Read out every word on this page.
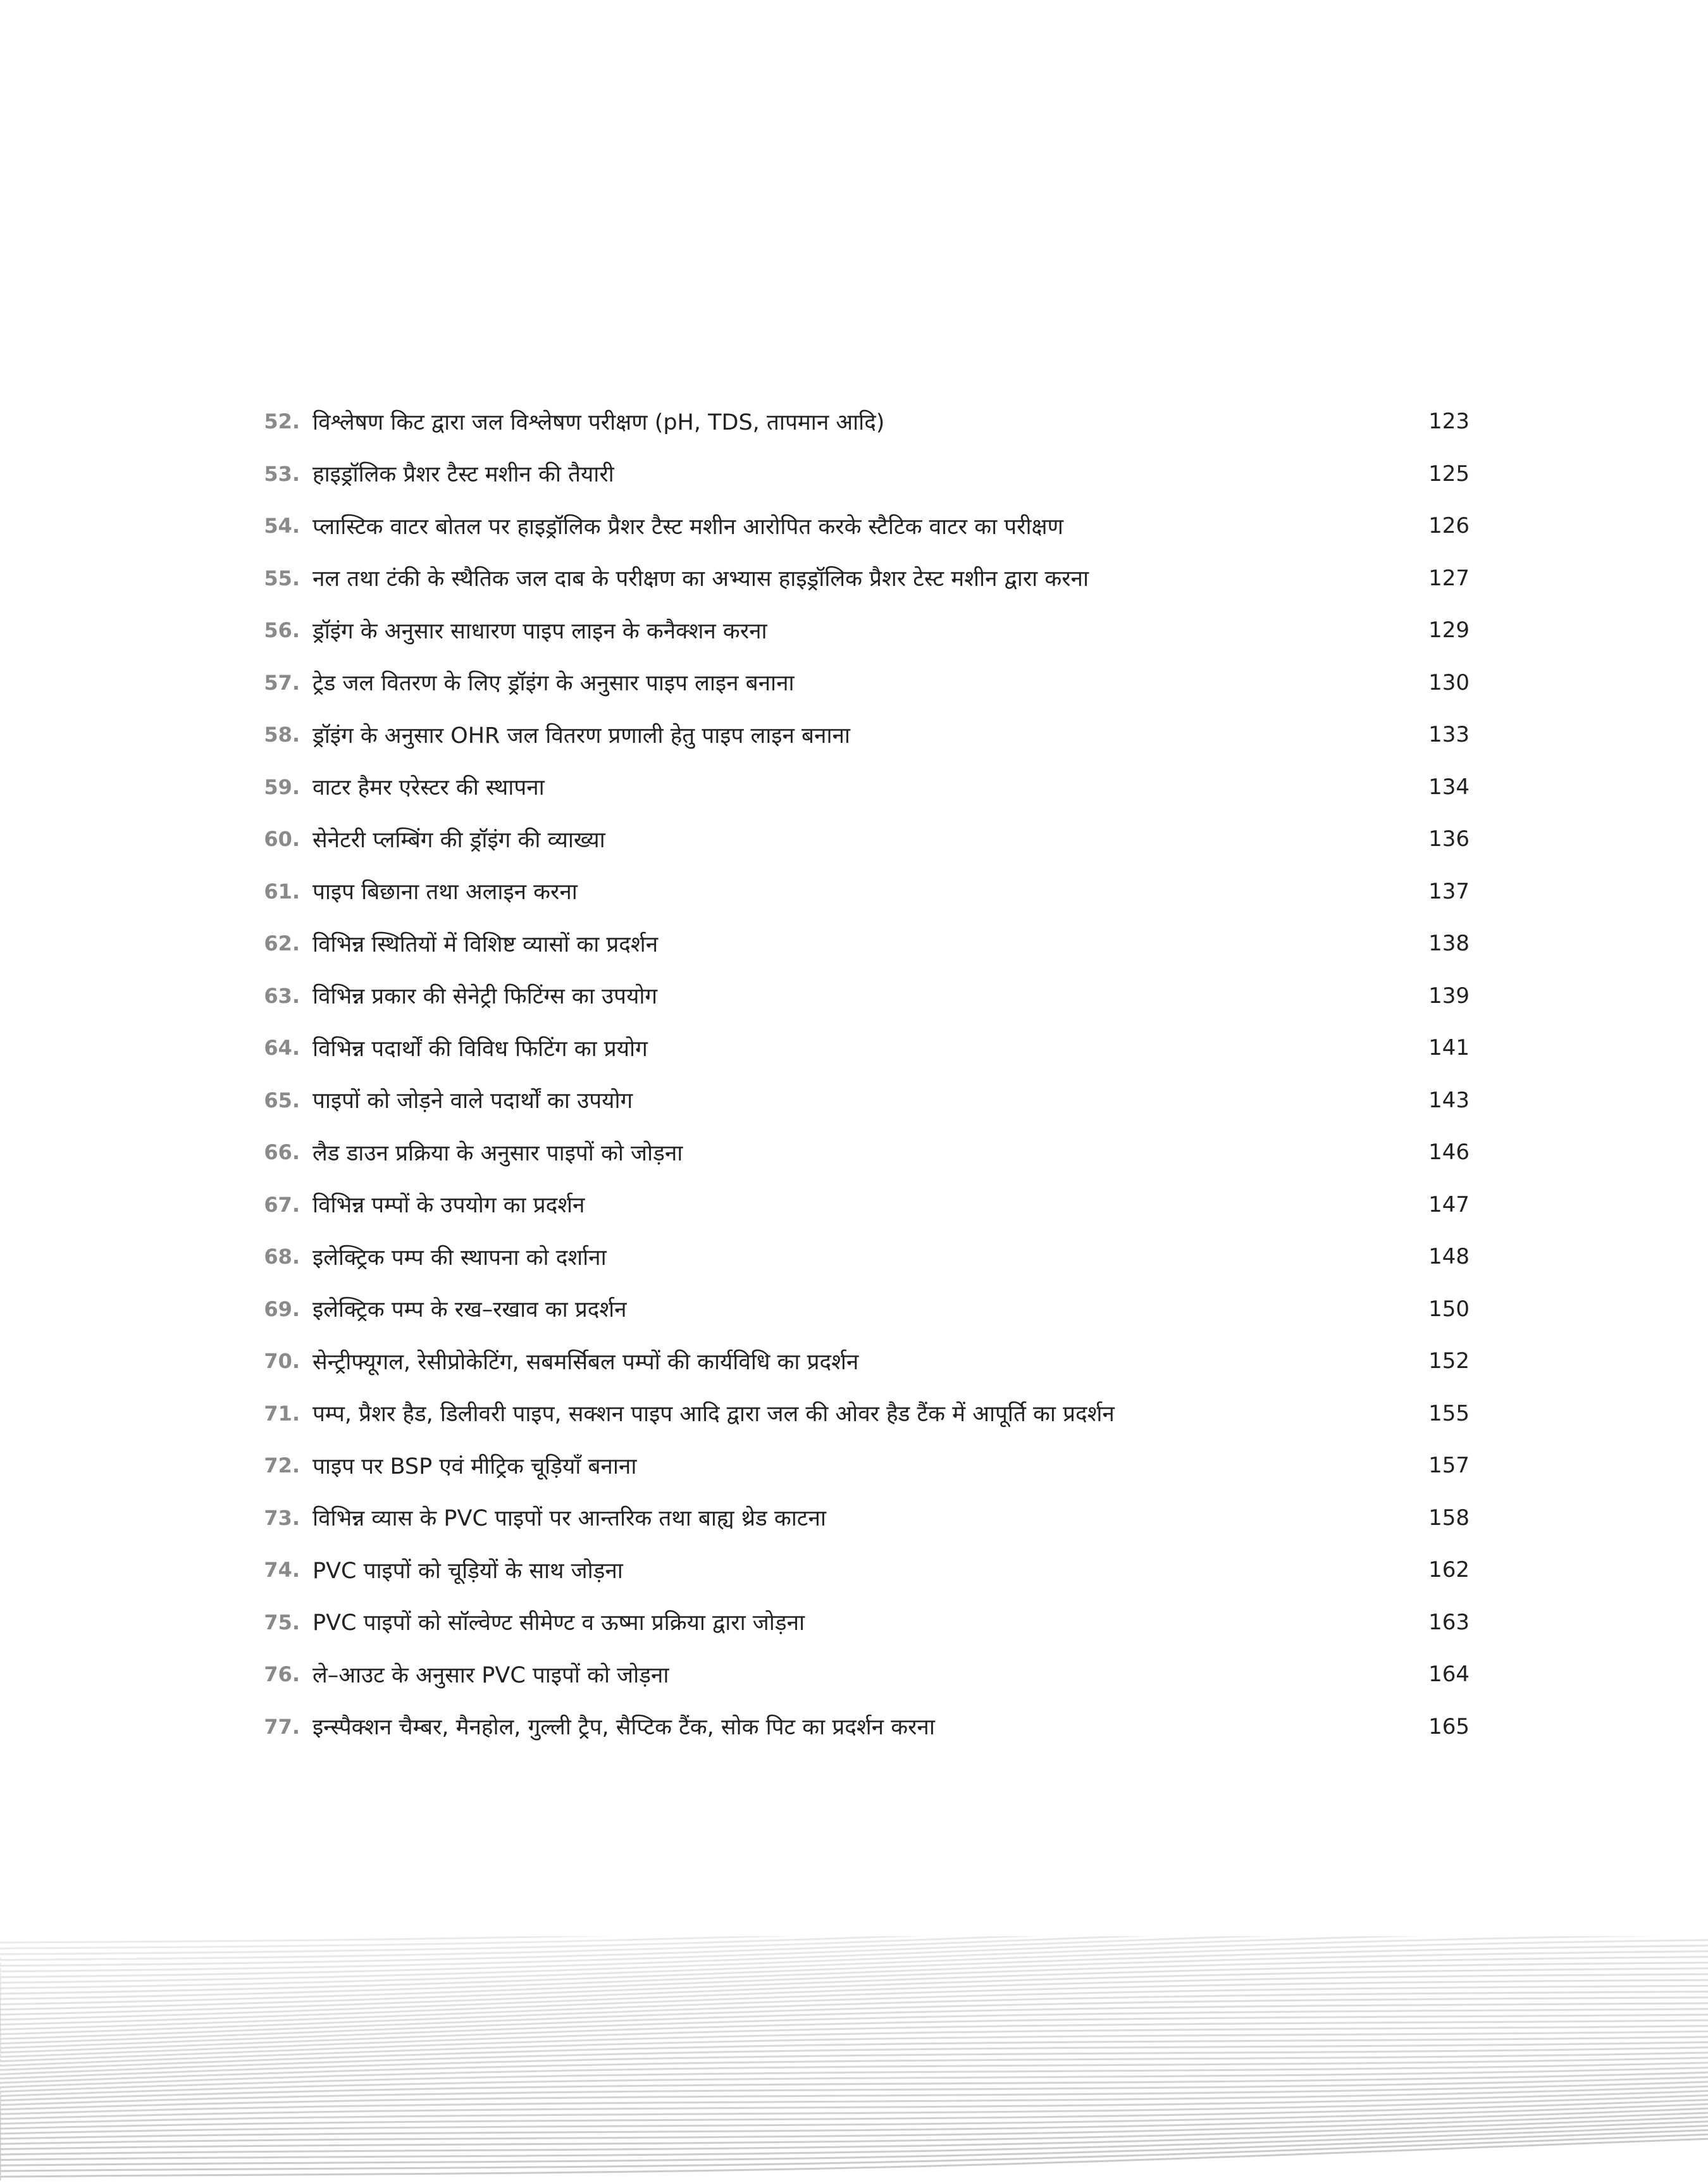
52. विश्लेषण किट द्वारा जल विश्लेषण परीक्षण (pH, TDS, तापमान आदि)	123
53. हाइड्रॉलिक प्रैशर टैस्ट मशीन की तैयारी	125
54. प्लास्टिक वाटर बोतल पर हाइड्रॉलिक प्रैशर टैस्ट मशीन आरोपित करके स्टैटिक वाटर का परीक्षण	126
55. नल तथा टंकी के स्थैतिक जल दाब के परीक्षण का अभ्यास हाइड्रॉलिक प्रैशर टेस्ट मशीन द्वारा करना	127
56. ड्रॉइंग के अनुसार साधारण पाइप लाइन के कनैक्शन करना	129
57. ट्रेड जल वितरण के लिए ड्रॉइंग के अनुसार पाइप लाइन बनाना	130
58. ड्रॉइंग के अनुसार OHR जल वितरण प्रणाली हेतु पाइप लाइन बनाना	133
59. वाटर हैमर एरेस्टर की स्थापना	134
60. सेनेटरी प्लम्बिंग की ड्रॉइंग की व्याख्या	136
61. पाइप बिछाना तथा अलाइन करना	137
62. विभिन्न स्थितियों में विशिष्ट व्यासों का प्रदर्शन	138
63. विभिन्न प्रकार की सेनेट्री फिटिंग्स का उपयोग	139
64. विभिन्न पदार्थों की विविध फिटिंग का प्रयोग	141
65. पाइपों को जोड़ने वाले पदार्थों का उपयोग	143
66. लैड डाउन प्रक्रिया के अनुसार पाइपों को जोड़ना	146
67. विभिन्न पम्पों के उपयोग का प्रदर्शन	147
68. इलेक्ट्रिक पम्प की स्थापना को दर्शाना	148
69. इलेक्ट्रिक पम्प के रख–रखाव का प्रदर्शन	150
70. सेन्ट्रीफ्यूगल, रेसीप्रोकेटिंग, सबमर्सिबल पम्पों की कार्यविधि का प्रदर्शन	152
71. पम्प, प्रैशर हैड, डिलीवरी पाइप, सक्शन पाइप आदि द्वारा जल की ओवर हैड टैंक में आपूर्ति का प्रदर्शन	155
72. पाइप पर BSP एवं मीट्रिक चूड़ियाँ बनाना	157
73. विभिन्न व्यास के PVC पाइपों पर आन्तरिक तथा बाह्य थ्रेड काटना	158
74. PVC पाइपों को चूड़ियों के साथ जोड़ना	162
75. PVC पाइपों को सॉल्वेण्ट सीमेण्ट व ऊष्मा प्रक्रिया द्वारा जोड़ना	163
76. ले–आउट के अनुसार PVC पाइपों को जोड़ना	164
77. इन्स्पैक्शन चैम्बर, मैनहोल, गुल्ली ट्रैप, सैप्टिक टैंक, सोक पिट का प्रदर्शन करना	165
